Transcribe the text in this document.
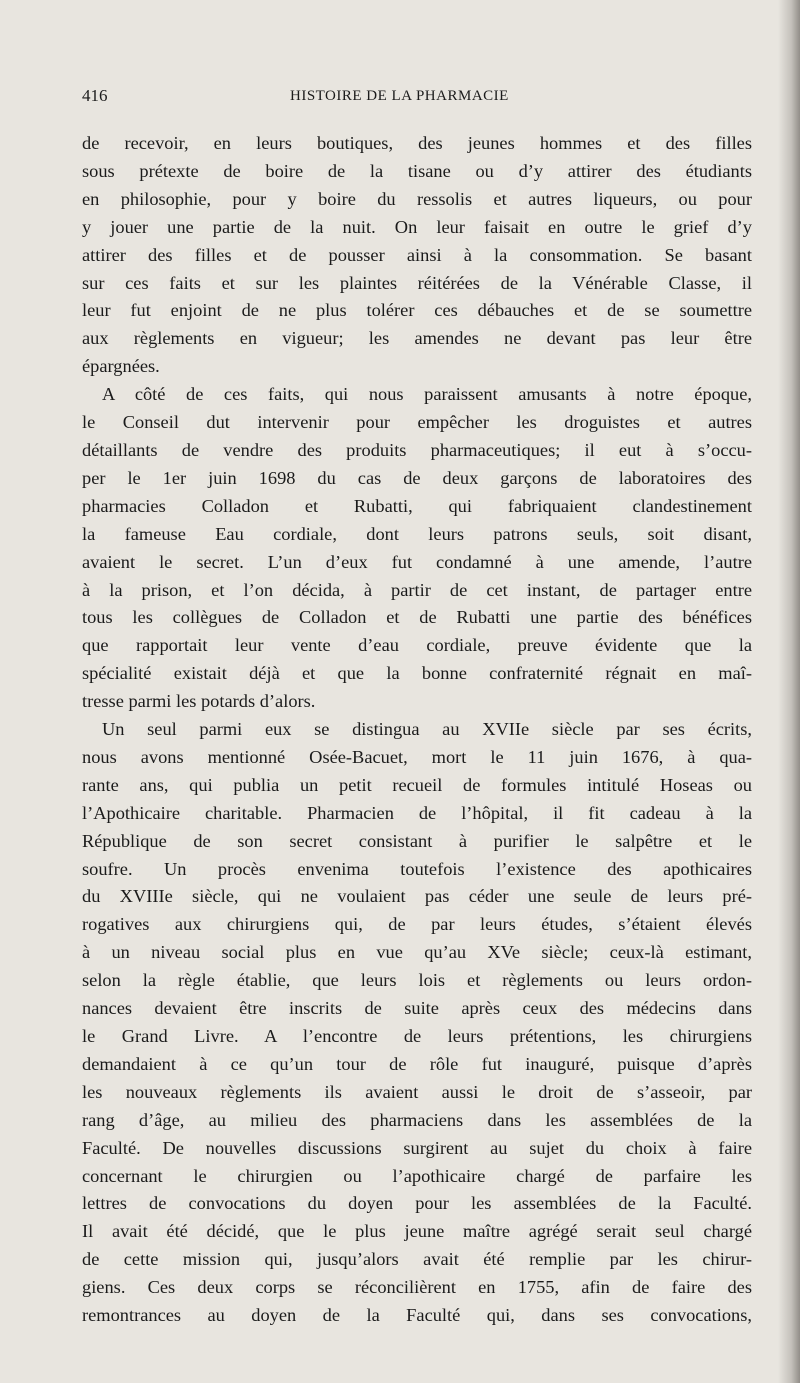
416	HISTOIRE DE LA PHARMACIE
de recevoir, en leurs boutiques, des jeunes hommes et des filles
sous prétexte de boire de la tisane ou d’y attirer des étudiants
en philosophie, pour y boire du ressolis et autres liqueurs, ou pour
y jouer une partie de la nuit. On leur faisait en outre le grief d’y
attirer des filles et de pousser ainsi à la consommation. Se basant
sur ces faits et sur les plaintes réitérées de la Vénérable Classe, il
leur fut enjoint de ne plus tolérer ces débauches et de se soumettre
aux règlements en vigueur; les amendes ne devant pas leur être
épargnées.
A côté de ces faits, qui nous paraissent amusants à notre époque,
le Conseil dut intervenir pour empêcher les droguistes et autres
détaillants de vendre des produits pharmaceutiques; il eut à s’occu-
per le 1er juin 1698 du cas de deux garçons de laboratoires des
pharmacies Colladon et Rubatti, qui fabriquaient clandestinement
la fameuse Eau cordiale, dont leurs patrons seuls, soit disant,
avaient le secret. L’un d’eux fut condamné à une amende, l’autre
à la prison, et l’on décida, à partir de cet instant, de partager entre
tous les collègues de Colladon et de Rubatti une partie des bénéfices
que rapportait leur vente d’eau cordiale, preuve évidente que la
spécialité existait déjà et que la bonne confraternité régnait en maî-
tresse parmi les potards d’alors.
Un seul parmi eux se distingua au XVIIe siècle par ses écrits,
nous avons mentionné Osée-Bacuet, mort le 11 juin 1676, à qua-
rante ans, qui publia un petit recueil de formules intitulé Hoseas ou
l’Apothicaire charitable. Pharmacien de l’hôpital, il fit cadeau à la
République de son secret consistant à purifier le salpêtre et le
soufre. Un procès envenima toutefois l’existence des apothicaires
du XVIIIe siècle, qui ne voulaient pas céder une seule de leurs pré-
rogatives aux chirurgiens qui, de par leurs études, s’étaient élevés
à un niveau social plus en vue qu’au XVe siècle; ceux-là estimant,
selon la règle établie, que leurs lois et règlements ou leurs ordon-
nances devaient être inscrits de suite après ceux des médecins dans
le Grand Livre. A l’encontre de leurs prétentions, les chirurgiens
demandaient à ce qu’un tour de rôle fut inauguré, puisque d’après
les nouveaux règlements ils avaient aussi le droit de s’asseoir, par
rang d’âge, au milieu des pharmaciens dans les assemblées de la
Faculté. De nouvelles discussions surgirent au sujet du choix à faire
concernant le chirurgien ou l’apothicaire chargé de parfaire les
lettres de convocations du doyen pour les assemblées de la Faculté.
Il avait été décidé, que le plus jeune maître agrégé serait seul chargé
de cette mission qui, jusqu’alors avait été remplie par les chirur-
giens. Ces deux corps se réconcilièrent en 1755, afin de faire des
remontrances au doyen de la Faculté qui, dans ses convocations,
